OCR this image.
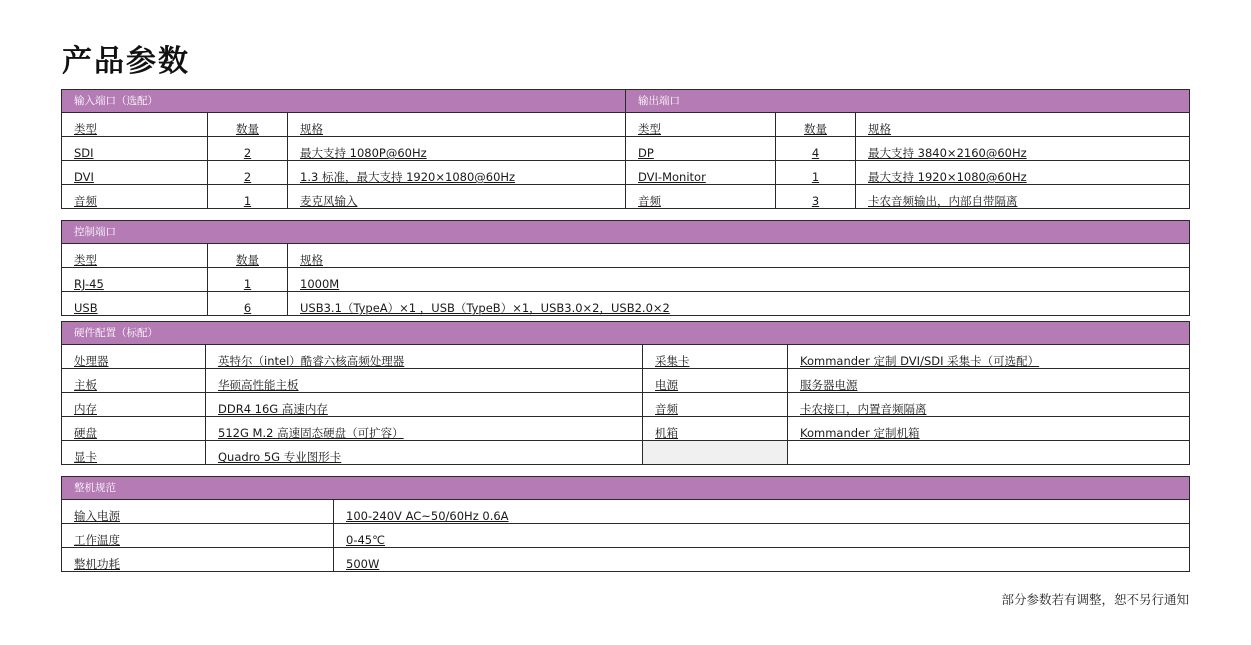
产品参数
输入端口（选配）			输出端口		
类型	数量	规格	类型	数量	规格
SDI	2	最大支持 1080P@60Hz	DP	4	最大支持 3840×2160@60Hz
DVI	2	1.3 标准，最大支持 1920×1080@60Hz	DVI-Monitor	1	最大支持 1920×1080@60Hz
音频	1	麦克风输入	音频	3	卡农音频输出，内部自带隔离
控制端口		
类型	数量	规格
RJ-45	1	1000M
USB	6	USB3.1（TypeA）×1 ，USB（TypeB）×1，USB3.0×2，USB2.0×2
硬件配置（标配）			
处理器	英特尔（intel）酷睿六核高频处理器	采集卡	Kommander 定制 DVI/SDI 采集卡（可选配）
主板	华硕高性能主板	电源	服务器电源
内存	DDR4 16G 高速内存	音频	卡农接口，内置音频隔离
硬盘	512G M.2 高速固态硬盘（可扩容）	机箱	Kommander 定制机箱
显卡	Quadro 5G 专业图形卡		
整机规范	
输入电源	100-240V AC~50/60Hz 0.6A
工作温度	0-45℃
整机功耗	500W
部分参数若有调整，恕不另行通知
